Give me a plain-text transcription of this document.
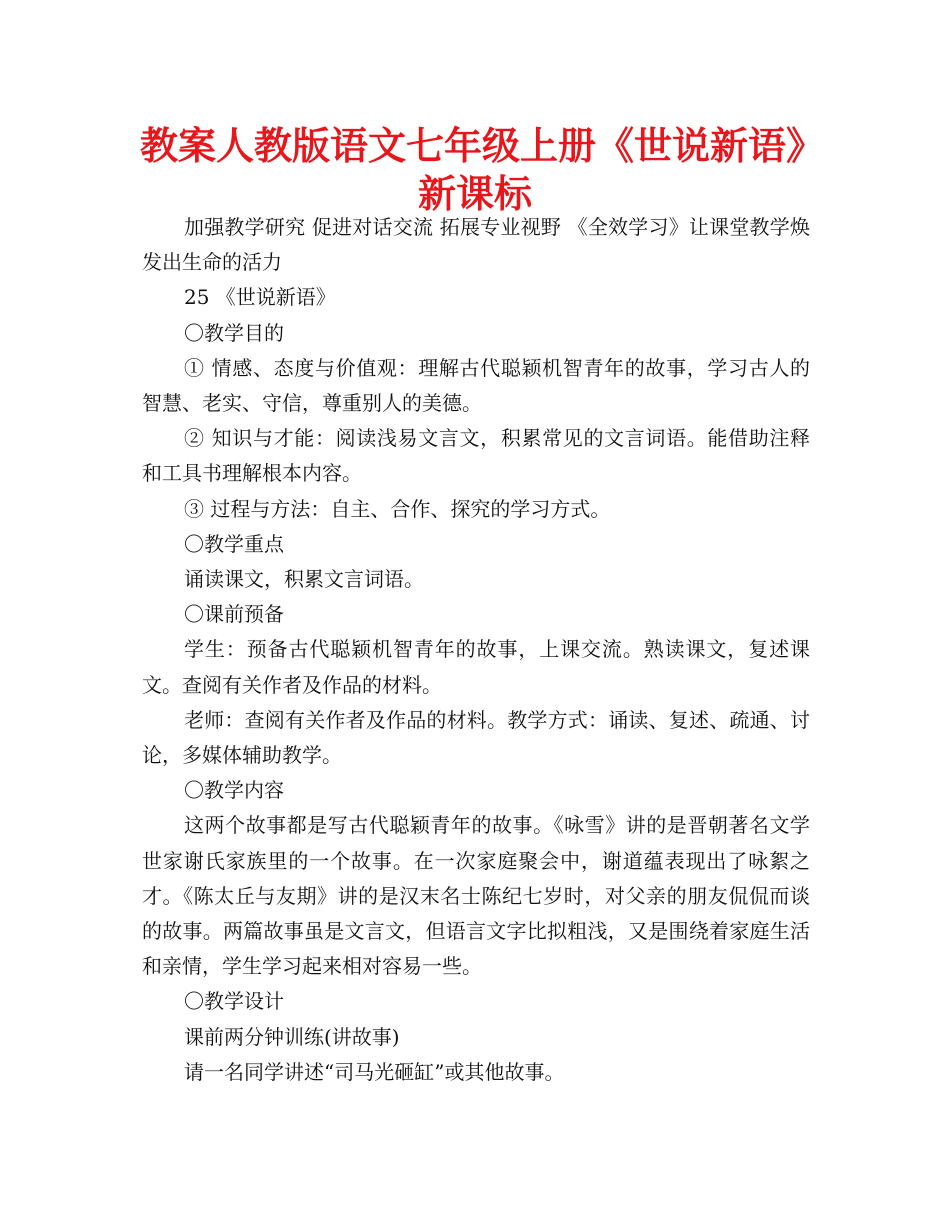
教案人教版语文七年级上册《世说新语》
新课标

加强教学研究 促进对话交流 拓展专业视野 《全效学习》让课堂教学焕发出生命的活力

25 《世说新语》

〇教学目的

① 情感、态度与价值观：理解古代聪颖机智青年的故事，学习古人的智慧、老实、守信，尊重别人的美德。

② 知识与才能：阅读浅易文言文，积累常见的文言词语。能借助注释和工具书理解根本内容。

③ 过程与方法：自主、合作、探究的学习方式。

〇教学重点

诵读课文，积累文言词语。

〇课前预备

学生：预备古代聪颖机智青年的故事，上课交流。熟读课文，复述课文。查阅有关作者及作品的材料。

老师：查阅有关作者及作品的材料。教学方式：诵读、复述、疏通、讨论，多媒体辅助教学。

〇教学内容

这两个故事都是写古代聪颖青年的故事。《咏雪》讲的是晋朝著名文学世家谢氏家族里的一个故事。在一次家庭聚会中，谢道蕴表现出了咏絮之才。《陈太丘与友期》讲的是汉末名士陈纪七岁时，对父亲的朋友侃侃而谈的故事。两篇故事虽是文言文，但语言文字比拟粗浅，又是围绕着家庭生活和亲情，学生学习起来相对容易一些。

〇教学设计

课前两分钟训练(讲故事)

请一名同学讲述“司马光砸缸”或其他故事。
